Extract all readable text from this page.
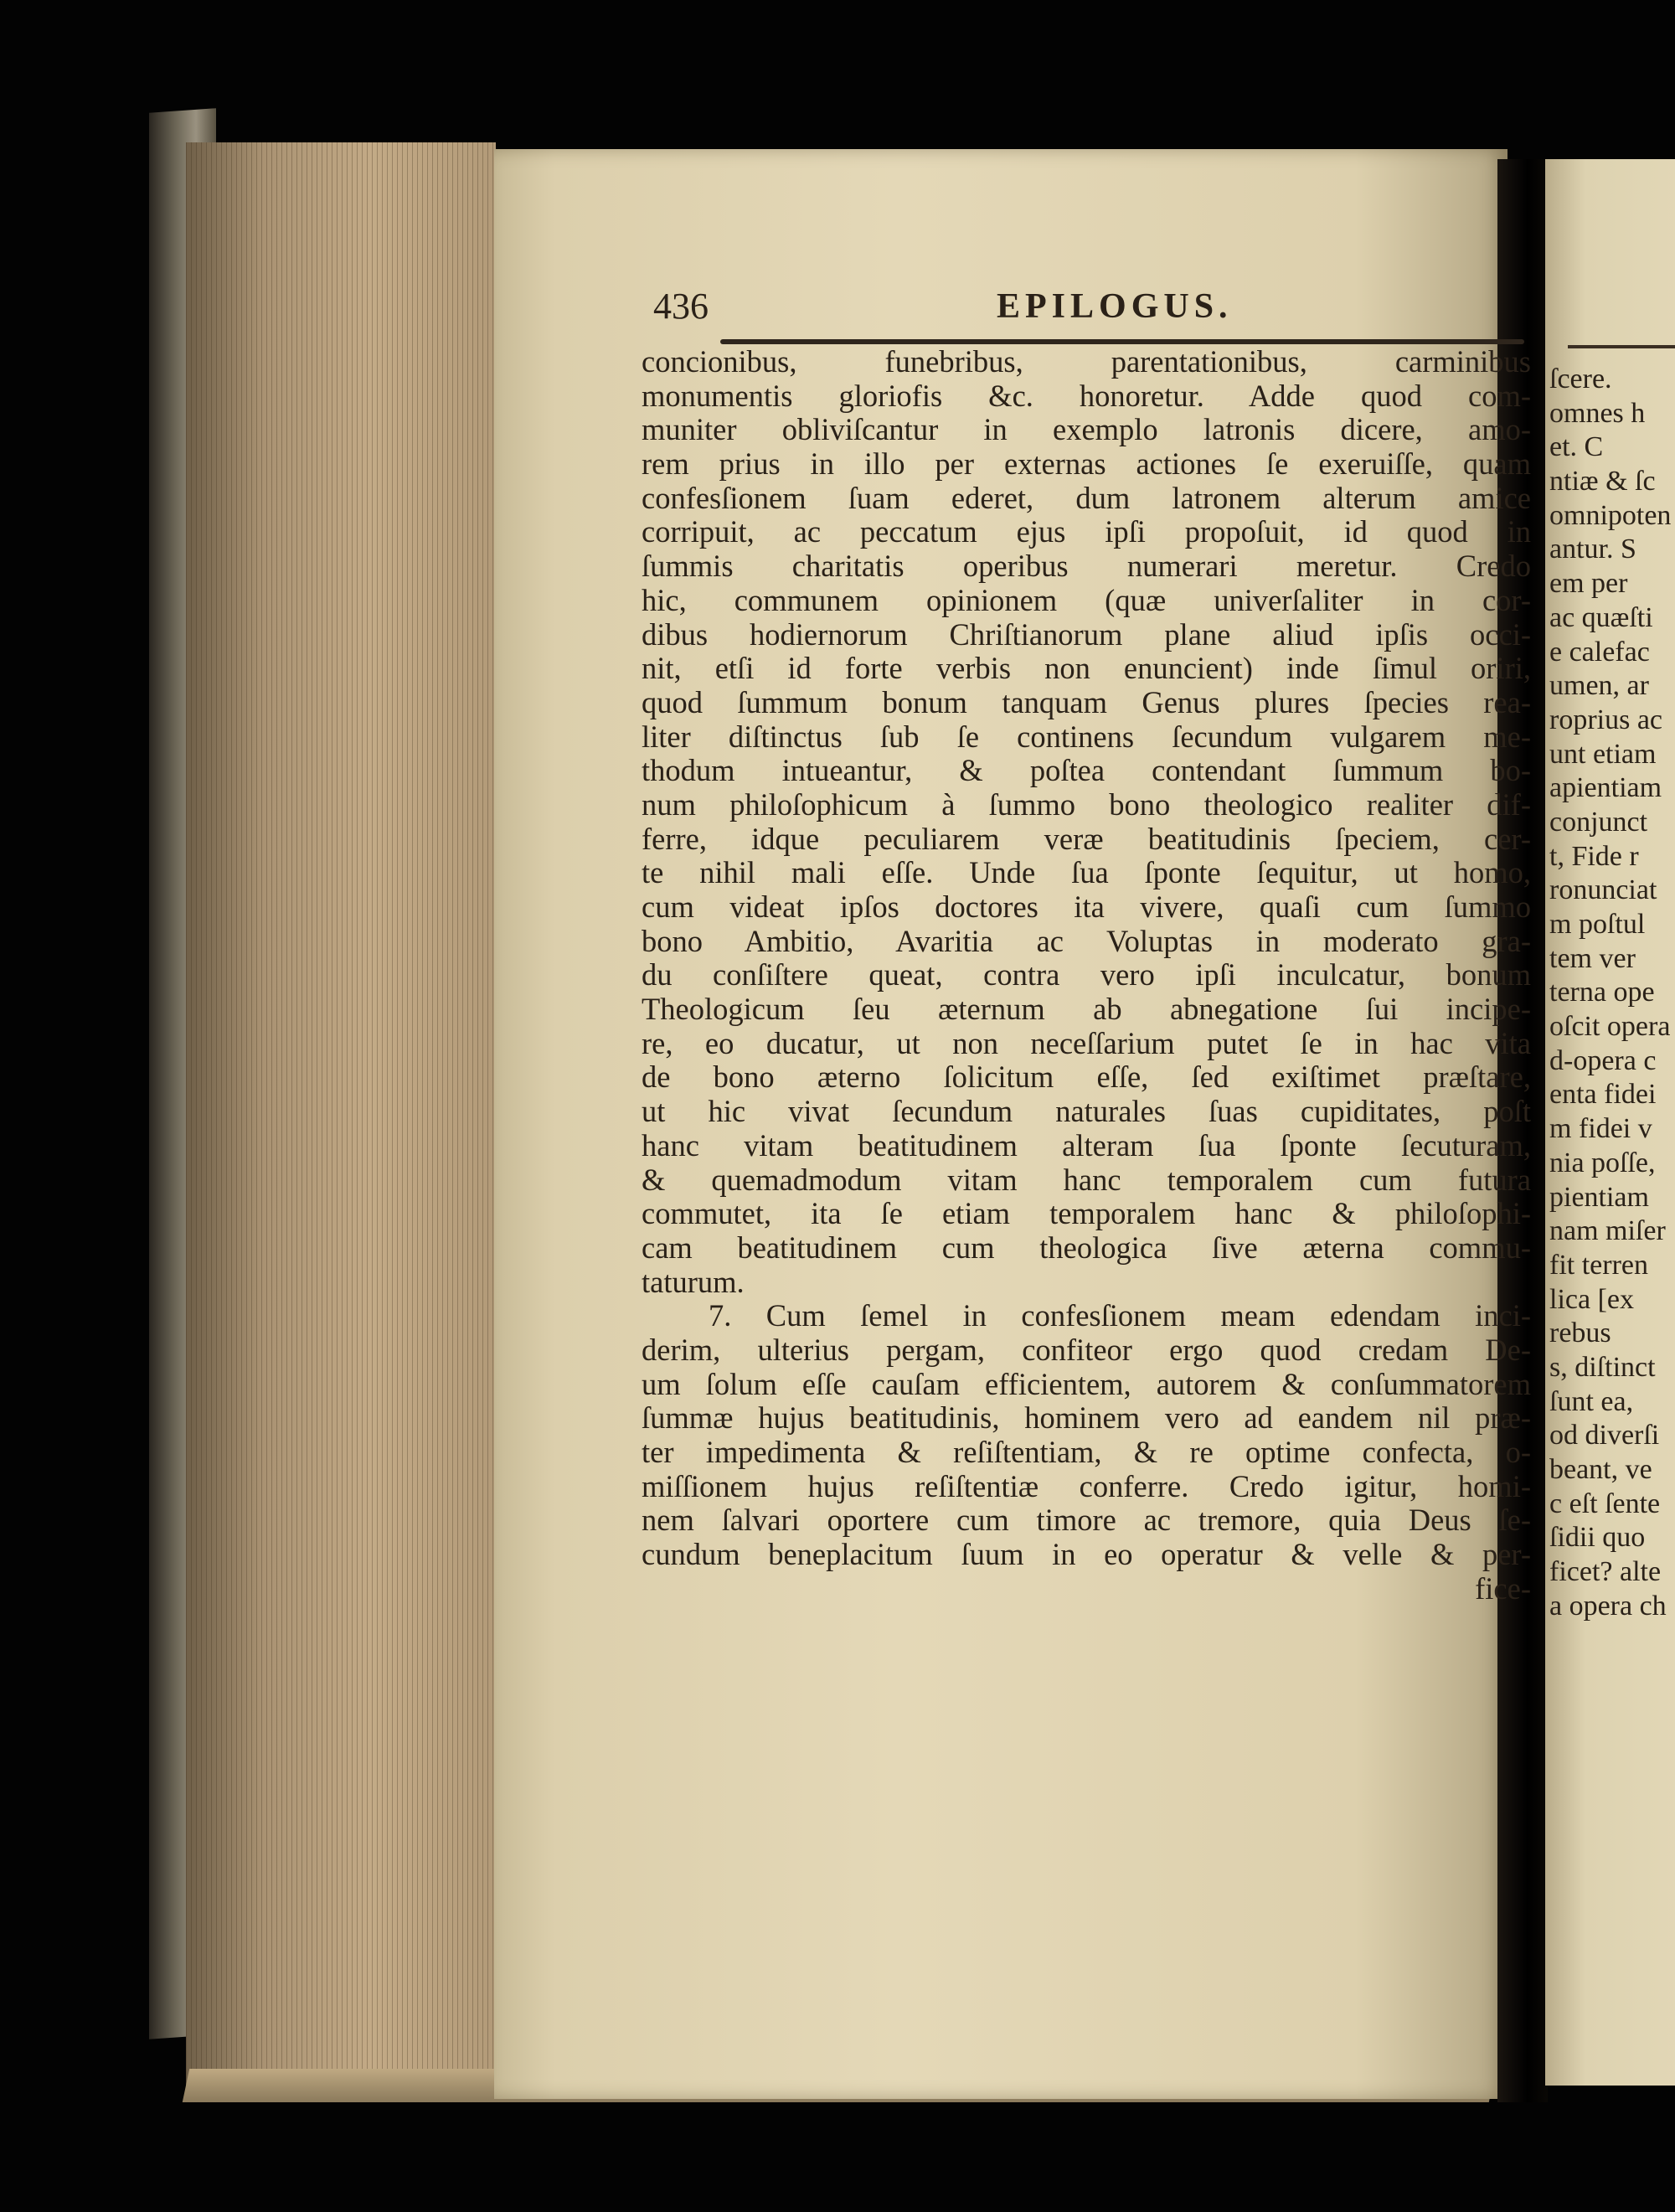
436	EPILOGUS.
concionibus, funebribus, parentationibus, carminibus
monumentis gloriofis &c. honoretur. Adde quod com-
muniter obliviſcantur in exemplo latronis dicere, amo-
rem prius in illo per externas actiones ſe exeruiſſe, quam
confesſionem ſuam ederet, dum latronem alterum amice
corripuit, ac peccatum ejus ipſi propoſuit, id quod in
ſummis charitatis operibus numerari meretur. Credo
hic, communem opinionem (quæ univerſaliter in cor-
dibus hodiernorum Chriſtianorum plane aliud ipſis occi-
nit, etſi id forte verbis non enuncient) inde ſimul oriri,
quod ſummum bonum tanquam Genus plures ſpecies rea-
liter diſtinctus ſub ſe continens ſecundum vulgarem me-
thodum intueantur, & poſtea contendant ſummum bo-
num philoſophicum à ſummo bono theologico realiter dif-
ferre, idque peculiarem veræ beatitudinis ſpeciem, cer-
te nihil mali eſſe. Unde ſua ſponte ſequitur, ut homo,
cum videat ipſos doctores ita vivere, quaſi cum ſummo
bono Ambitio, Avaritia ac Voluptas in moderato gra-
du conſiſtere queat, contra vero ipſi inculcatur, bonum
Theologicum ſeu æternum ab abnegatione ſui incipe-
re, eo ducatur, ut non neceſſarium putet ſe in hac vita
de bono æterno ſolicitum eſſe, ſed exiſtimet præſtare,
ut hic vivat ſecundum naturales ſuas cupiditates, poſt
hanc vitam beatitudinem alteram ſua ſponte ſecuturam,
& quemadmodum vitam hanc temporalem cum futura
commutet, ita ſe etiam temporalem hanc & philoſophi-
cam beatitudinem cum theologica ſive æterna commu-
taturum.
7. Cum ſemel in confesſionem meam edendam inci-
derim, ulterius pergam, confiteor ergo quod credam De-
um ſolum eſſe cauſam efficientem, autorem & conſummatorem
ſummæ hujus beatitudinis, hominem vero ad eandem nil præ-
ter impedimenta & reſiſtentiam, & re optime confecta, o-
miſſionem hujus reſiſtentiæ conferre. Credo igitur, homi-
nem ſalvari oportere cum timore ac tremore, quia Deus ſe-
cundum beneplacitum ſuum in eo operatur & velle & per-
fice-
ſcere.
omnes h
et. C
ntiæ & ſc
omnipoten
antur. S
em per
ac quæſti
e calefac
umen, ar
roprius ac
unt etiam
apientiam
conjunct
t, Fide r
ronunciat
m poſtul
tem ver
terna ope
oſcit opera
d-opera c
enta fidei
m fidei v
nia poſſe,
pientiam
nam miſer
fit terren
lica [ex
rebus
s, diſtinct
ſunt ea,
od diverſi
beant, ve
c eſt ſente
ſidii quo
ficet? alte
a opera ch
